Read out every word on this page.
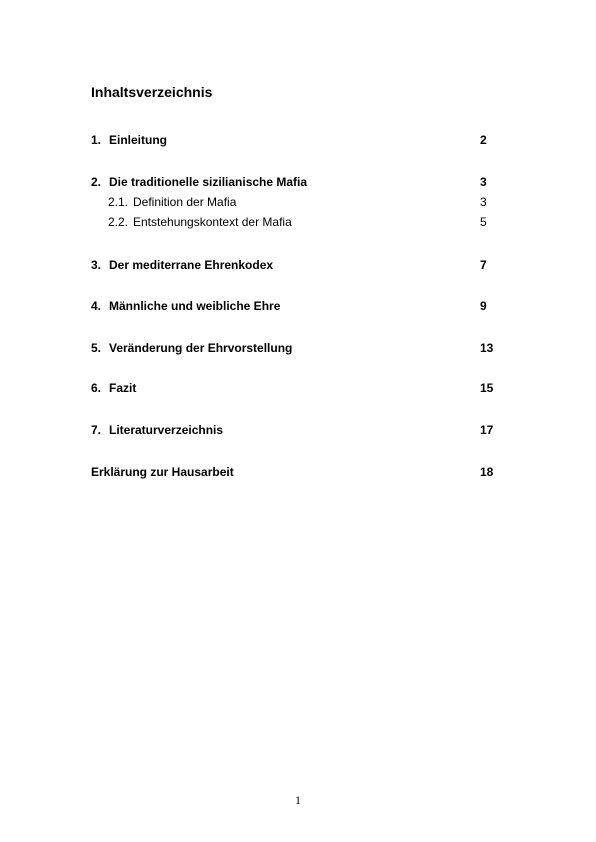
Inhaltsverzeichnis
1. Einleitung	2
2. Die traditionelle sizilianische Mafia	3
2.1. Definition der Mafia	3
2.2. Entstehungskontext der Mafia	5
3. Der mediterrane Ehrenkodex	7
4. Männliche und weibliche Ehre	9
5. Veränderung der Ehrvorstellung	13
6. Fazit	15
7. Literaturverzeichnis	17
Erklärung zur Hausarbeit	18
1
